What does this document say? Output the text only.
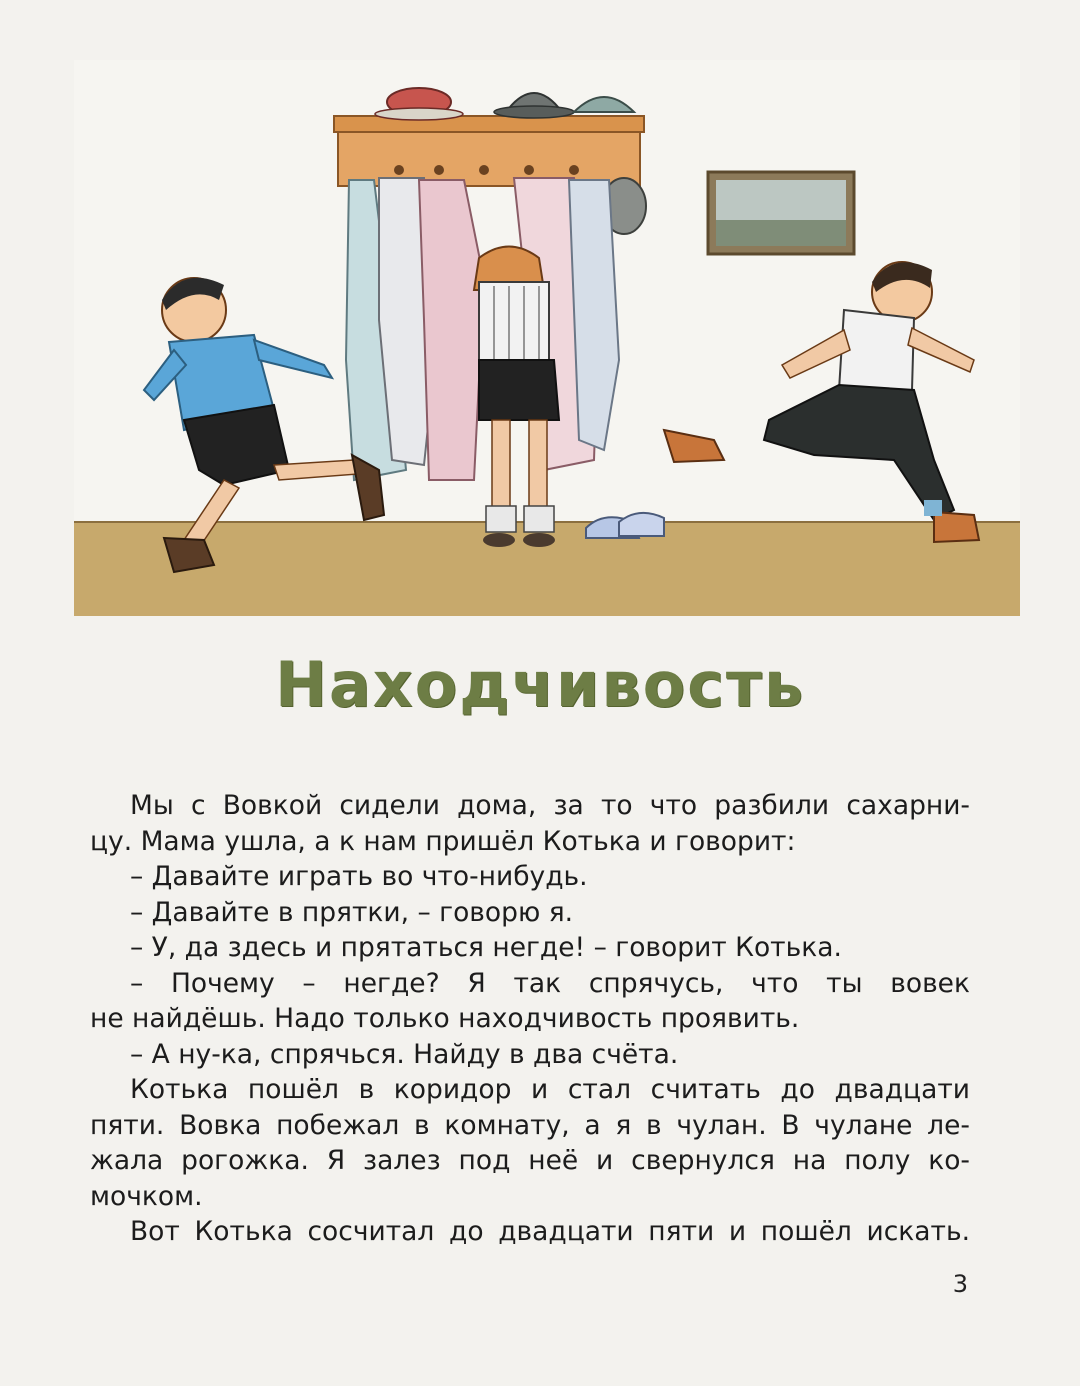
Находчивость

Мы с Вовкой сидели дома, за то что разбили сахарни-

цу. Мама ушла, а к нам пришёл Котька и говорит:

– Давайте играть во что-нибудь.

– Давайте в прятки, – говорю я.

– У, да здесь и прятаться негде! – говорит Котька.

– Почему – негде? Я так спрячусь, что ты вовек

не найдёшь. Надо только находчивость проявить.

– А ну-ка, спрячься. Найду в два счёта.

Котька пошёл в коридор и стал считать до двадцати

пяти. Вовка побежал в комнату, а я в чулан. В чулане ле-

жала рогожка. Я залез под неё и свернулся на полу ко-

мочком.

Вот Котька сосчитал до двадцати пяти и пошёл искать.

3
